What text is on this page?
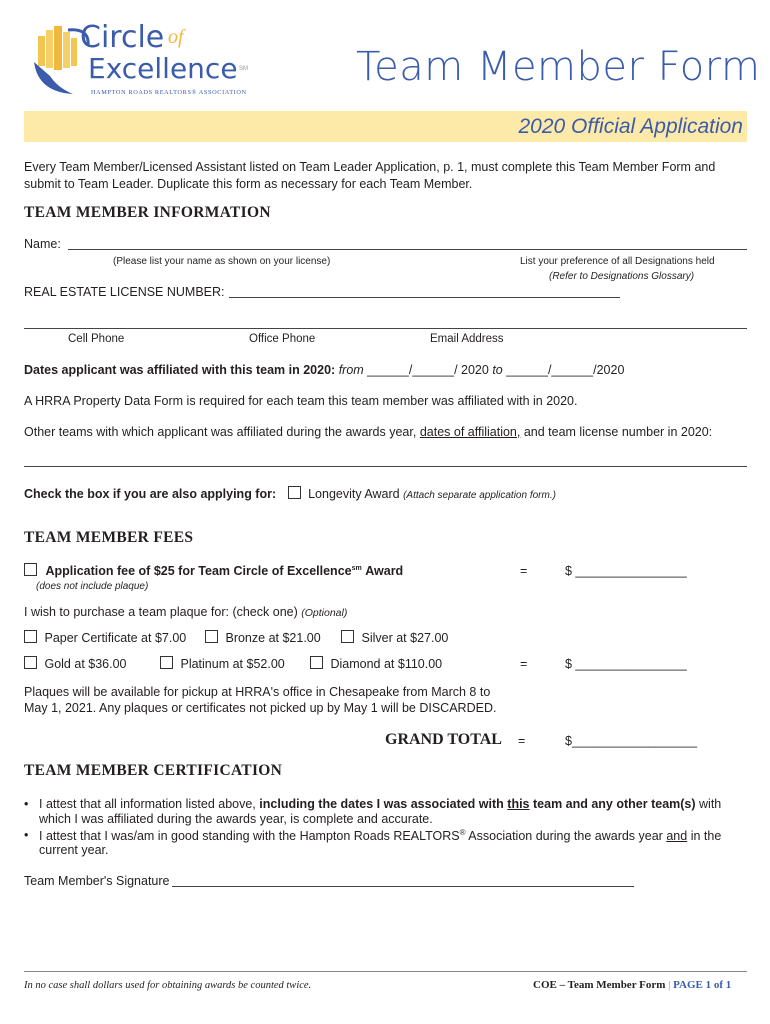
Circle of
Excellence SM
HAMPTON ROADS REALTORS® ASSOCIATION
Team Member Form
2020 Official Application
Every Team Member/Licensed Assistant listed on Team Leader Application, p. 1, must complete this Team Member Form and
submit to Team Leader. Duplicate this form as necessary for each Team Member.
TEAM MEMBER INFORMATION
Name:
(Please list your name as shown on your license)	List your preference of all Designations held
(Refer to Designations Glossary)
REAL ESTATE LICENSE NUMBER:
Cell Phone	Office Phone	Email Address
Dates applicant was affiliated with this team in 2020: from ______/______/ 2020 to ______/______/2020
A HRRA Property Data Form is required for each team this team member was affiliated with in 2020.
Other teams with which applicant was affiliated during the awards year, dates of affiliation, and team license number in 2020:
Check the box if you are also applying for:	Longevity Award (Attach separate application form.)
TEAM MEMBER FEES
Application fee of $25 for Team Circle of Excellence$^{sm}$ Award
(does not include plaque)
=	$ ________________
I wish to purchase a team plaque for: (check one) (Optional)
Paper Certificate at $7.00	Bronze at $21.00	Silver at $27.00
Gold at $36.00	Platinum at $52.00	Diamond at $110.00	=	$ ________________
Plaques will be available for pickup at HRRA's office in Chesapeake from March 8 to
May 1, 2021. Any plaques or certificates not picked up by May 1 will be DISCARDED.
GRAND TOTAL =	$__________________
TEAM MEMBER CERTIFICATION
• I attest that all information listed above, including the dates I was associated with this team and any other team(s) with
which I was affiliated during the awards year, is complete and accurate.
• I attest that I was/am in good standing with the Hampton Roads REALTORS® Association during the awards year and in the
current year.
Team Member's Signature
In no case shall dollars used for obtaining awards be counted twice.	COE – Team Member Form | PAGE 1 of 1
